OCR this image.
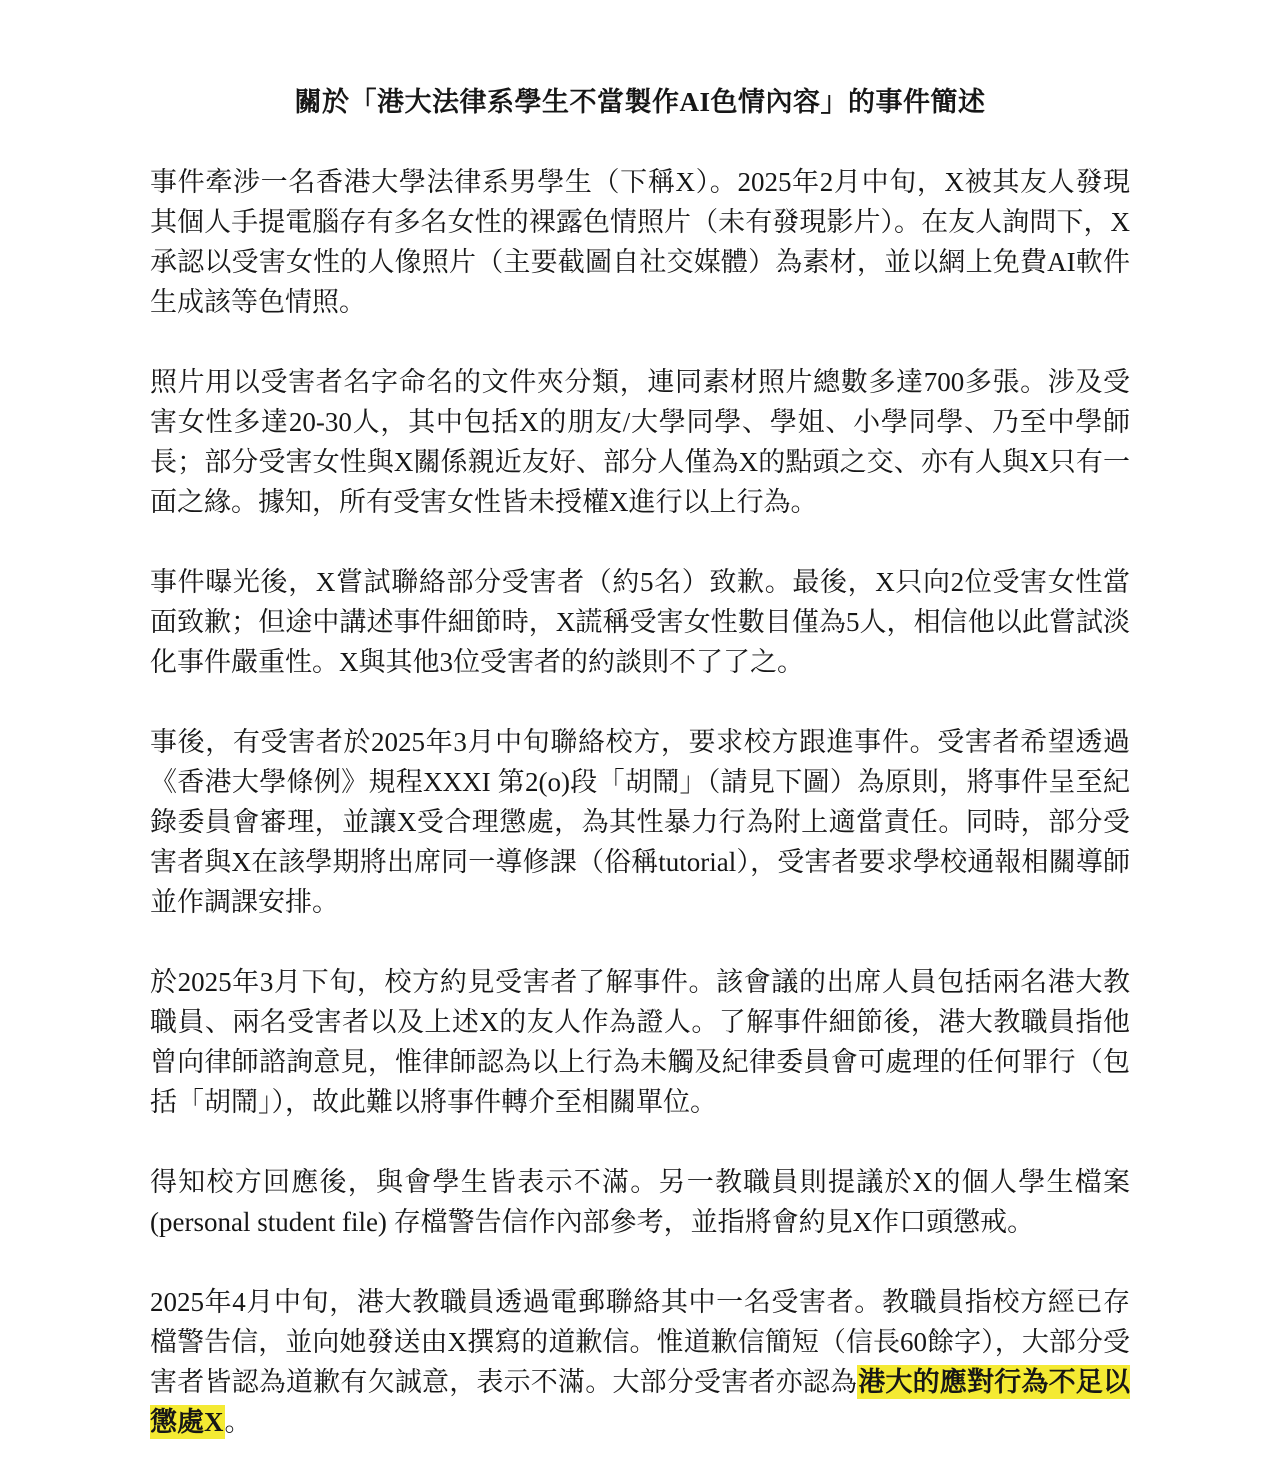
關於「港大法律系學生不當製作AI色情內容」的事件簡述

事件牽涉一名香港大學法律系男學生（下稱X）。2025年2月中旬，X被其友人發現其個人手提電腦存有多名女性的裸露色情照片（未有發現影片）。在友人詢問下，X承認以受害女性的人像照片（主要截圖自社交媒體）為素材，並以網上免費AI軟件生成該等色情照。

照片用以受害者名字命名的文件夾分類，連同素材照片總數多達700多張。涉及受害女性多達20-30人，其中包括X的朋友/大學同學、學姐、小學同學、乃至中學師長；部分受害女性與X關係親近友好、部分人僅為X的點頭之交、亦有人與X只有一面之緣。據知，所有受害女性皆未授權X進行以上行為。

事件曝光後，X嘗試聯絡部分受害者（約5名）致歉。最後，X只向2位受害女性當面致歉；但途中講述事件細節時，X謊稱受害女性數目僅為5人，相信他以此嘗試淡化事件嚴重性。X與其他3位受害者的約談則不了了之。

事後，有受害者於2025年3月中旬聯絡校方，要求校方跟進事件。受害者希望透過《香港大學條例》規程XXXI 第2(o)段「胡鬧」（請見下圖）為原則，將事件呈至紀錄委員會審理，並讓X受合理懲處，為其性暴力行為附上適當責任。同時，部分受害者與X在該學期將出席同一導修課（俗稱tutorial），受害者要求學校通報相關導師並作調課安排。

於2025年3月下旬，校方約見受害者了解事件。該會議的出席人員包括兩名港大教職員、兩名受害者以及上述X的友人作為證人。了解事件細節後，港大教職員指他曾向律師諮詢意見，惟律師認為以上行為未觸及紀律委員會可處理的任何罪行（包括「胡鬧」），故此難以將事件轉介至相關單位。

得知校方回應後，與會學生皆表示不滿。另一教職員則提議於X的個人學生檔案 (personal student file) 存檔警告信作內部參考，並指將會約見X作口頭懲戒。

2025年4月中旬，港大教職員透過電郵聯絡其中一名受害者。教職員指校方經已存檔警告信，並向她發送由X撰寫的道歉信。惟道歉信簡短（信長60餘字），大部分受害者皆認為道歉有欠誠意，表示不滿。大部分受害者亦認為港大的應對行為不足以懲處X。
